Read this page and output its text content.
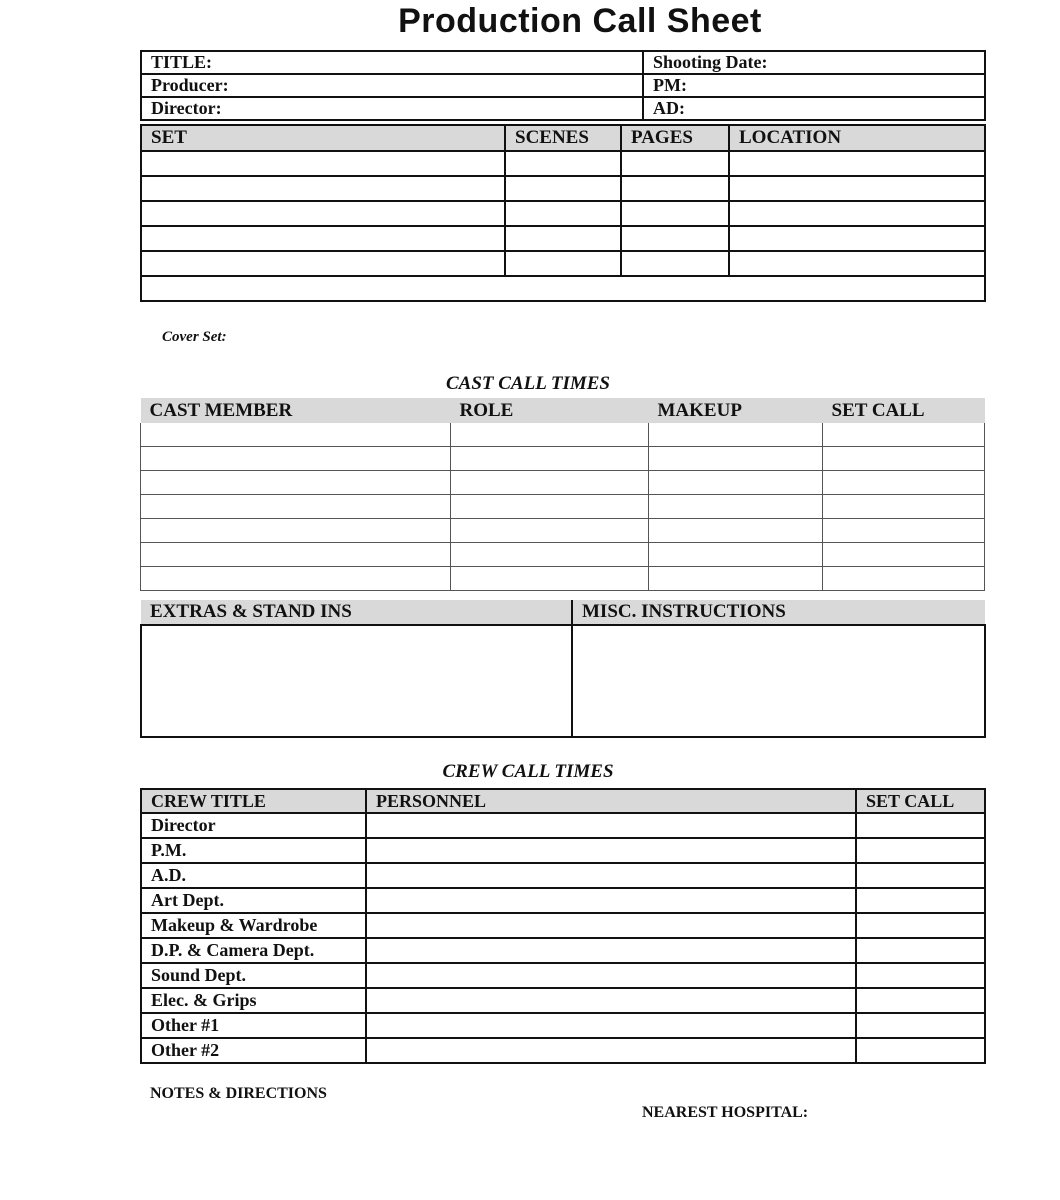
Production Call Sheet
TITLE:	Shooting Date:
Producer:	PM:
Director:	AD:
SET	SCENES	PAGES	LOCATION

Cover Set:
CAST CALL TIMES
CAST MEMBER	ROLE	MAKEUP	SET CALL

EXTRAS & STAND INS	MISC. INSTRUCTIONS

CREW CALL TIMES
CREW TITLE	PERSONNEL	SET CALL
Director		
P.M.		
A.D.		
Art Dept.		
Makeup & Wardrobe		
D.P. & Camera Dept.		
Sound Dept.		
Elec. & Grips		
Other #1		
Other #2		
NOTES & DIRECTIONS
NEAREST HOSPITAL:
